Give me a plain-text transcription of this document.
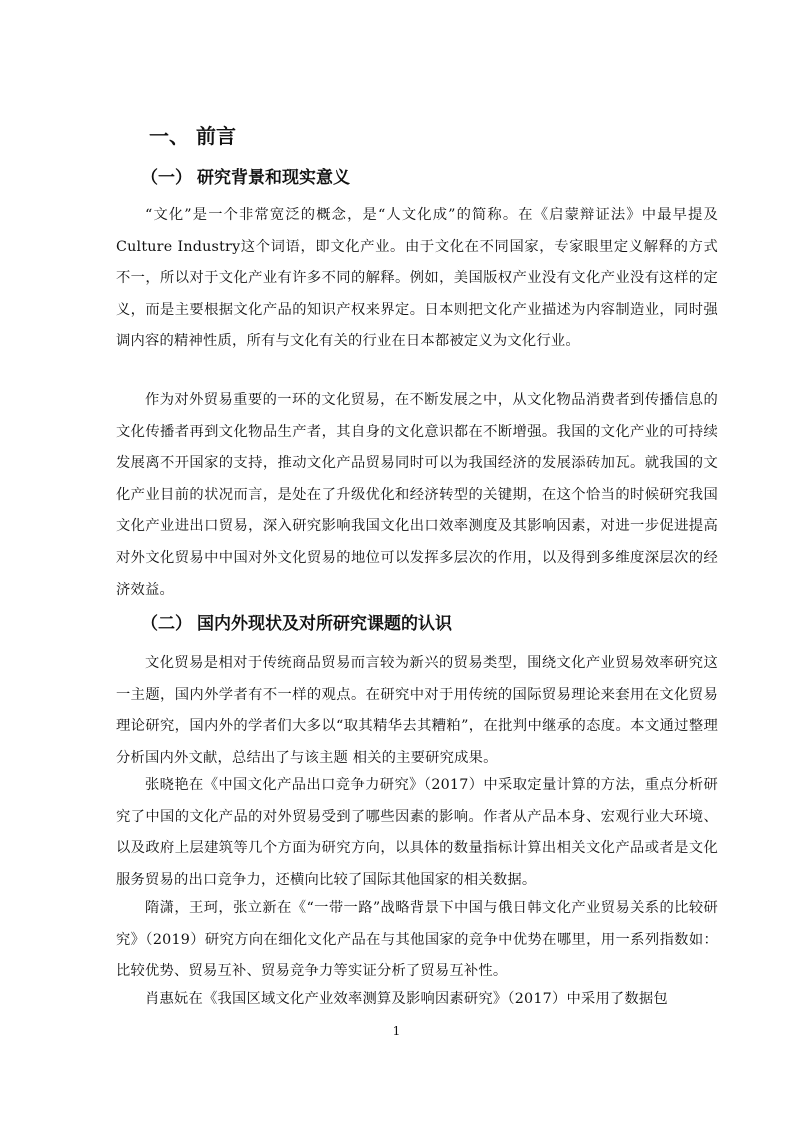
一、 前言
（一） 研究背景和现实意义

“文化”是一个非常宽泛的概念，是“人文化成”的简称。在《启蒙辩证法》中最早提及Culture Industry这个词语，即文化产业。由于文化在不同国家，专家眼里定义解释的方式不一，所以对于文化产业有许多不同的解释。例如，美国版权产业没有文化产业没有这样的定义，而是主要根据文化产品的知识产权来界定。日本则把文化产业描述为内容制造业，同时强调内容的精神性质，所有与文化有关的行业在日本都被定义为文化行业。

作为对外贸易重要的一环的文化贸易，在不断发展之中，从文化物品消费者到传播信息的文化传播者再到文化物品生产者，其自身的文化意识都在不断增强。我国的文化产业的可持续发展离不开国家的支持，推动文化产品贸易同时可以为我国经济的发展添砖加瓦。就我国的文化产业目前的状况而言，是处在了升级优化和经济转型的关键期，在这个恰当的时候研究我国文化产业进出口贸易，深入研究影响我国文化出口效率测度及其影响因素，对进一步促进提高对外文化贸易中中国对外文化贸易的地位可以发挥多层次的作用，以及得到多维度深层次的经济效益。

（二） 国内外现状及对所研究课题的认识

文化贸易是相对于传统商品贸易而言较为新兴的贸易类型，围绕文化产业贸易效率研究这一主题，国内外学者有不一样的观点。在研究中对于用传统的国际贸易理论来套用在文化贸易理论研究，国内外的学者们大多以“取其精华去其糟粕”，在批判中继承的态度。本文通过整理分析国内外文献，总结出了与该主题 相关的主要研究成果。

张晓艳在《中国文化产品出口竞争力研究》（2017）中采取定量计算的方法，重点分析研究了中国的文化产品的对外贸易受到了哪些因素的影响。作者从产品本身、宏观行业大环境、以及政府上层建筑等几个方面为研究方向，以具体的数量指标计算出相关文化产品或者是文化服务贸易的出口竞争力，还横向比较了国际其他国家的相关数据。

隋潇，王珂，张立新在《“一带一路”战略背景下中国与俄日韩文化产业贸易关系的比较研究》（2019）研究方向在细化文化产品在与其他国家的竞争中优势在哪里，用一系列指数如：比较优势、贸易互补、贸易竞争力等实证分析了贸易互补性。

肖惠妧在《我国区域文化产业效率测算及影响因素研究》（2017）中采用了数据包

1
